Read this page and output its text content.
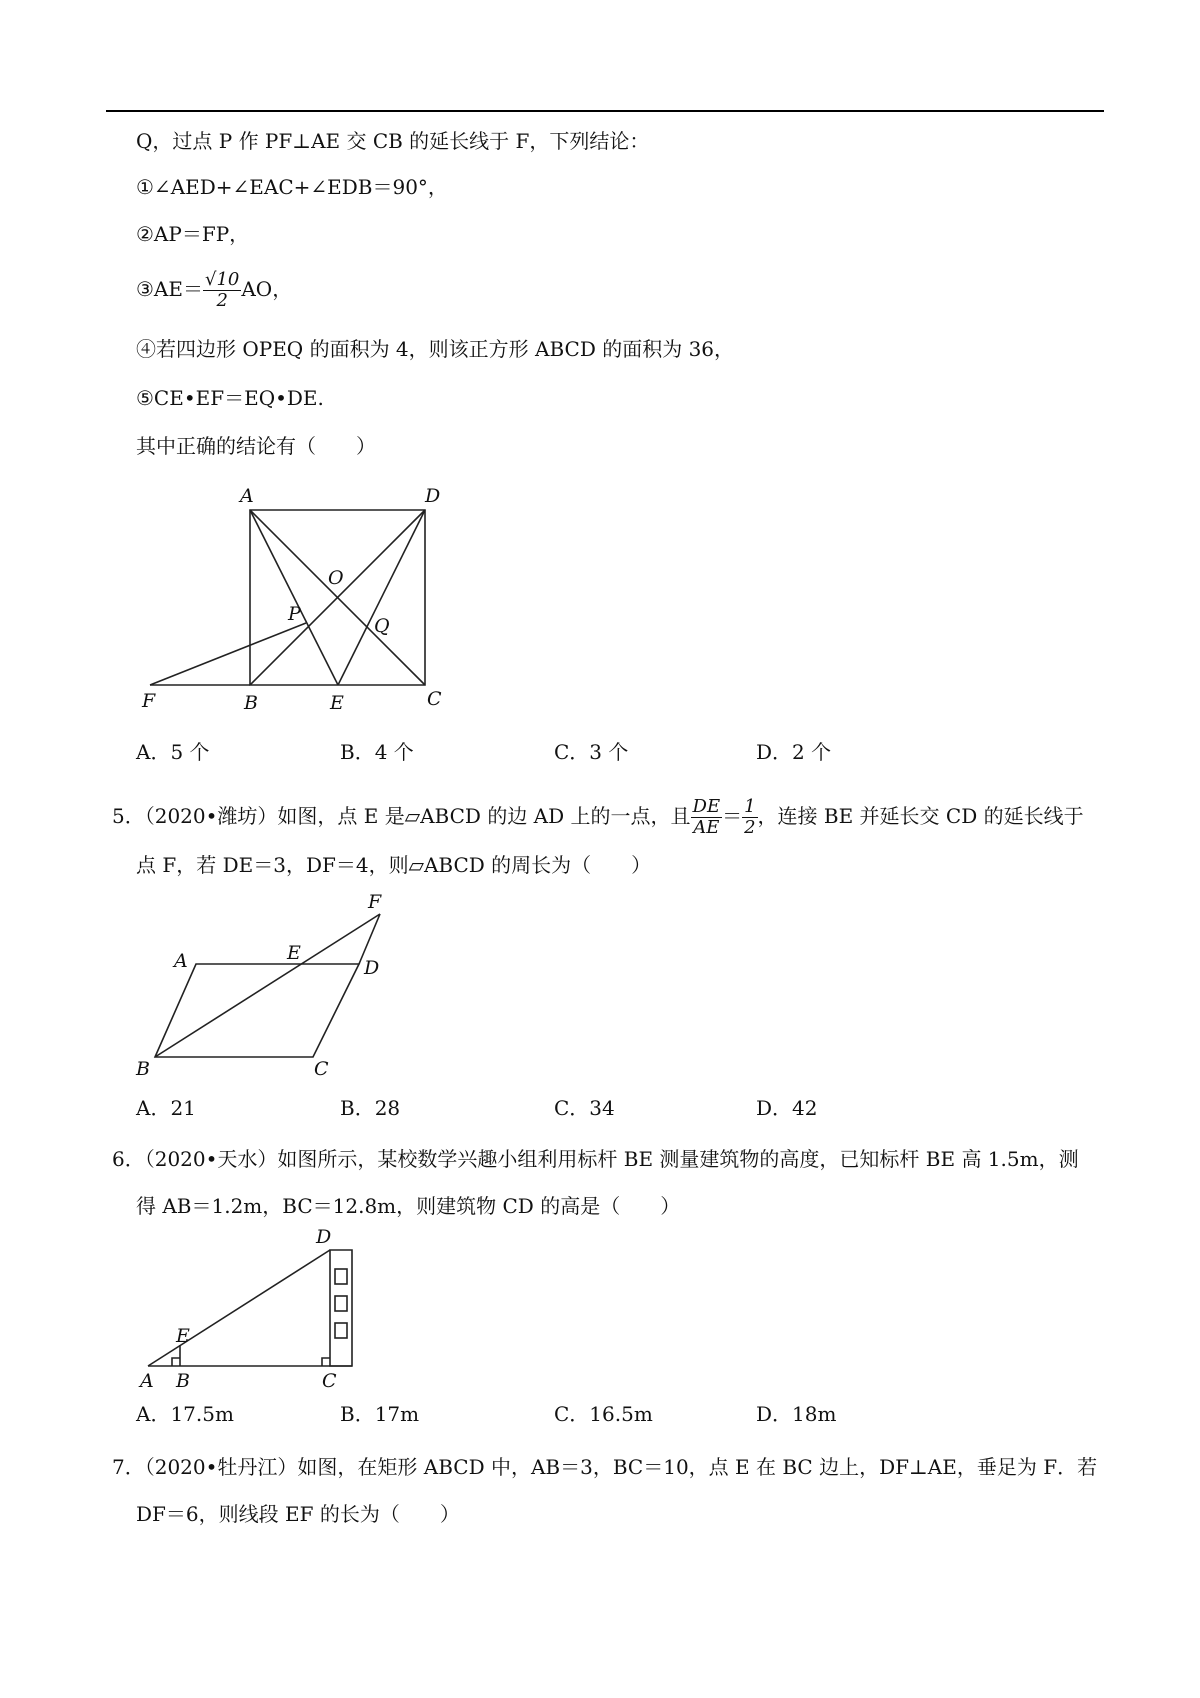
Q，过点 P 作 PF⊥AE 交 CB 的延长线于 F，下列结论：
①∠AED+∠EAC+∠EDB＝90°，
②AP＝FP，
③AE＝ $\frac{√10}{2}$ AO，
④若四边形 OPEQ 的面积为 4，则该正方形 ABCD 的面积为 36，
⑤CE•EF＝EQ•DE.
其中正确的结论有（　　）
A	D
O
P
Q
F	B	E	C
A．5 个	B．4 个	C．3 个	D．2 个
5．（2020•潍坊）如图，点 E 是▱ABCD 的边 AD 上的一点，且 $\frac{DE}{AE} = \frac{1}{2}$ ，连接 BE 并延长交 CD 的延长线于
点 F，若 DE＝3，DF＝4，则▱ABCD 的周长为（　　）
F
A	E
D
B	C
A．21	B．28	C．34	D．42
6．（2020•天水）如图所示，某校数学兴趣小组利用标杆 BE 测量建筑物的高度，已知标杆 BE 高 1.5m，测
得 AB＝1.2m，BC＝12.8m，则建筑物 CD 的高是（　　）
D
E
A B	C
A．17.5m	B．17m	C．16.5m	D．18m
7．（2020•牡丹江）如图，在矩形 ABCD 中，AB＝3，BC＝10，点 E 在 BC 边上，DF⊥AE，垂足为 F．若
DF＝6，则线段 EF 的长为（　　）
